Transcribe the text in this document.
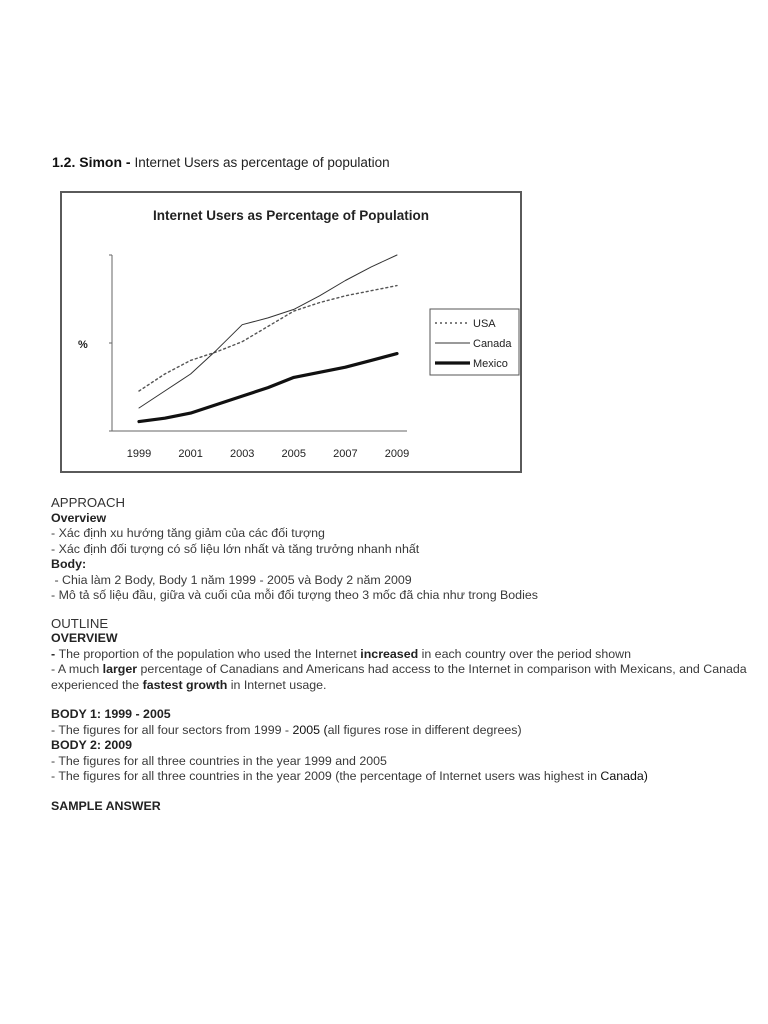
1.2. Simon - Internet Users as percentage of population
Internet Users as Percentage of Population
%
1999 2001 2003 2005 2007 2009
USA
Canada
Mexico

APPROACH

Overview

- Xác định xu hướng tăng giảm của các đối tượng

- Xác định đối tượng có số liệu lớn nhất và tăng trưởng nhanh nhất

Body:

- Chia làm 2 Body, Body 1 năm 1999 - 2005 và Body 2 năm 2009

- Mô tả số liệu đầu, giữa và cuối của mỗi đối tượng theo 3 mốc đã chia như trong Bodies

OUTLINE

OVERVIEW

- The proportion of the population who used the Internet increased in each country over the period shown

- A much larger percentage of Canadians and Americans had access to the Internet in comparison with Mexicans, and Canada experienced the fastest growth in Internet usage.

BODY 1: 1999 - 2005

- The figures for all four sectors from 1999 - 2005 (all figures rose in different degrees)

BODY 2: 2009

- The figures for all three countries in the year 1999 and 2005

- The figures for all three countries in the year 2009 (the percentage of Internet users was highest in Canada)

SAMPLE ANSWER
